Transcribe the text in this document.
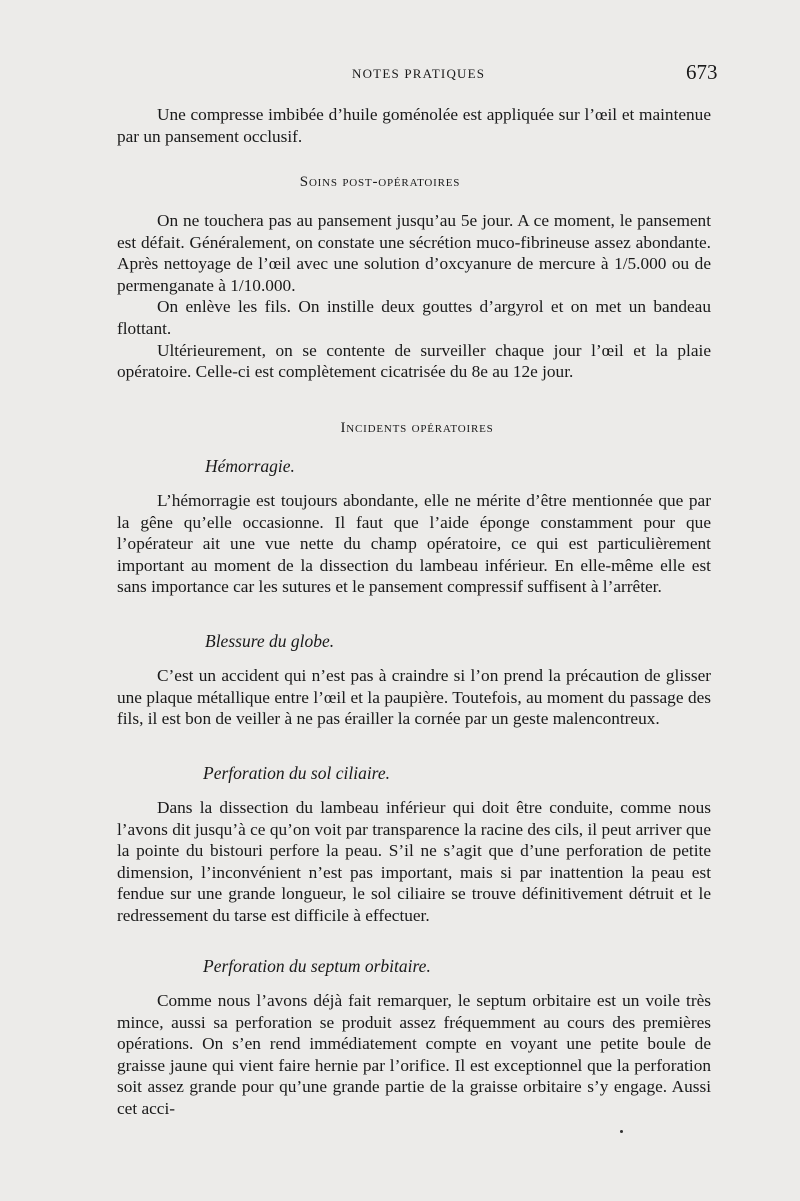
NOTES PRATIQUES	673

Une compresse imbibée d’huile goménolée est appliquée sur l’œil et maintenue par un pansement occlusif.

Soins post-opératoires

On ne touchera pas au pansement jusqu’au 5e jour. A ce moment, le pansement est défait. Généralement, on constate une sécrétion muco-fibrineuse assez abondante. Après nettoyage de l’œil avec une solution d’oxcyanure de mercure à 1/5.000 ou de permenganate à 1/10.000.

On enlève les fils. On instille deux gouttes d’argyrol et on met un bandeau flottant.

Ultérieurement, on se contente de surveiller chaque jour l’œil et la plaie opératoire. Celle-ci est complètement cicatrisée du 8e au 12e jour.

Incidents opératoires
Hémorragie.

L’hémorragie est toujours abondante, elle ne mérite d’être mentionnée que par la gêne qu’elle occasionne. Il faut que l’aide éponge constamment pour que l’opérateur ait une vue nette du champ opératoire, ce qui est particulièrement important au moment de la dissection du lambeau inférieur. En elle-même elle est sans importance car les sutures et le pansement compressif suffisent à l’arrêter.

Blessure du globe.

C’est un accident qui n’est pas à craindre si l’on prend la précaution de glisser une plaque métallique entre l’œil et la paupière. Toutefois, au moment du passage des fils, il est bon de veiller à ne pas érailler la cornée par un geste malencontreux.

Perforation du sol ciliaire.

Dans la dissection du lambeau inférieur qui doit être conduite, comme nous l’avons dit jusqu’à ce qu’on voit par transparence la racine des cils, il peut arriver que la pointe du bistouri perfore la peau. S’il ne s’agit que d’une perforation de petite dimension, l’inconvénient n’est pas important, mais si par inattention la peau est fendue sur une grande longueur, le sol ciliaire se trouve définitivement détruit et le redressement du tarse est difficile à effectuer.

Perforation du septum orbitaire.

Comme nous l’avons déjà fait remarquer, le septum orbitaire est un voile très mince, aussi sa perforation se produit assez fréquemment au cours des premières opérations. On s’en rend immédiatement compte en voyant une petite boule de graisse jaune qui vient faire hernie par l’orifice. Il est exceptionnel que la perforation soit assez grande pour qu’une grande partie de la graisse orbitaire s’y engage. Aussi cet acci-
